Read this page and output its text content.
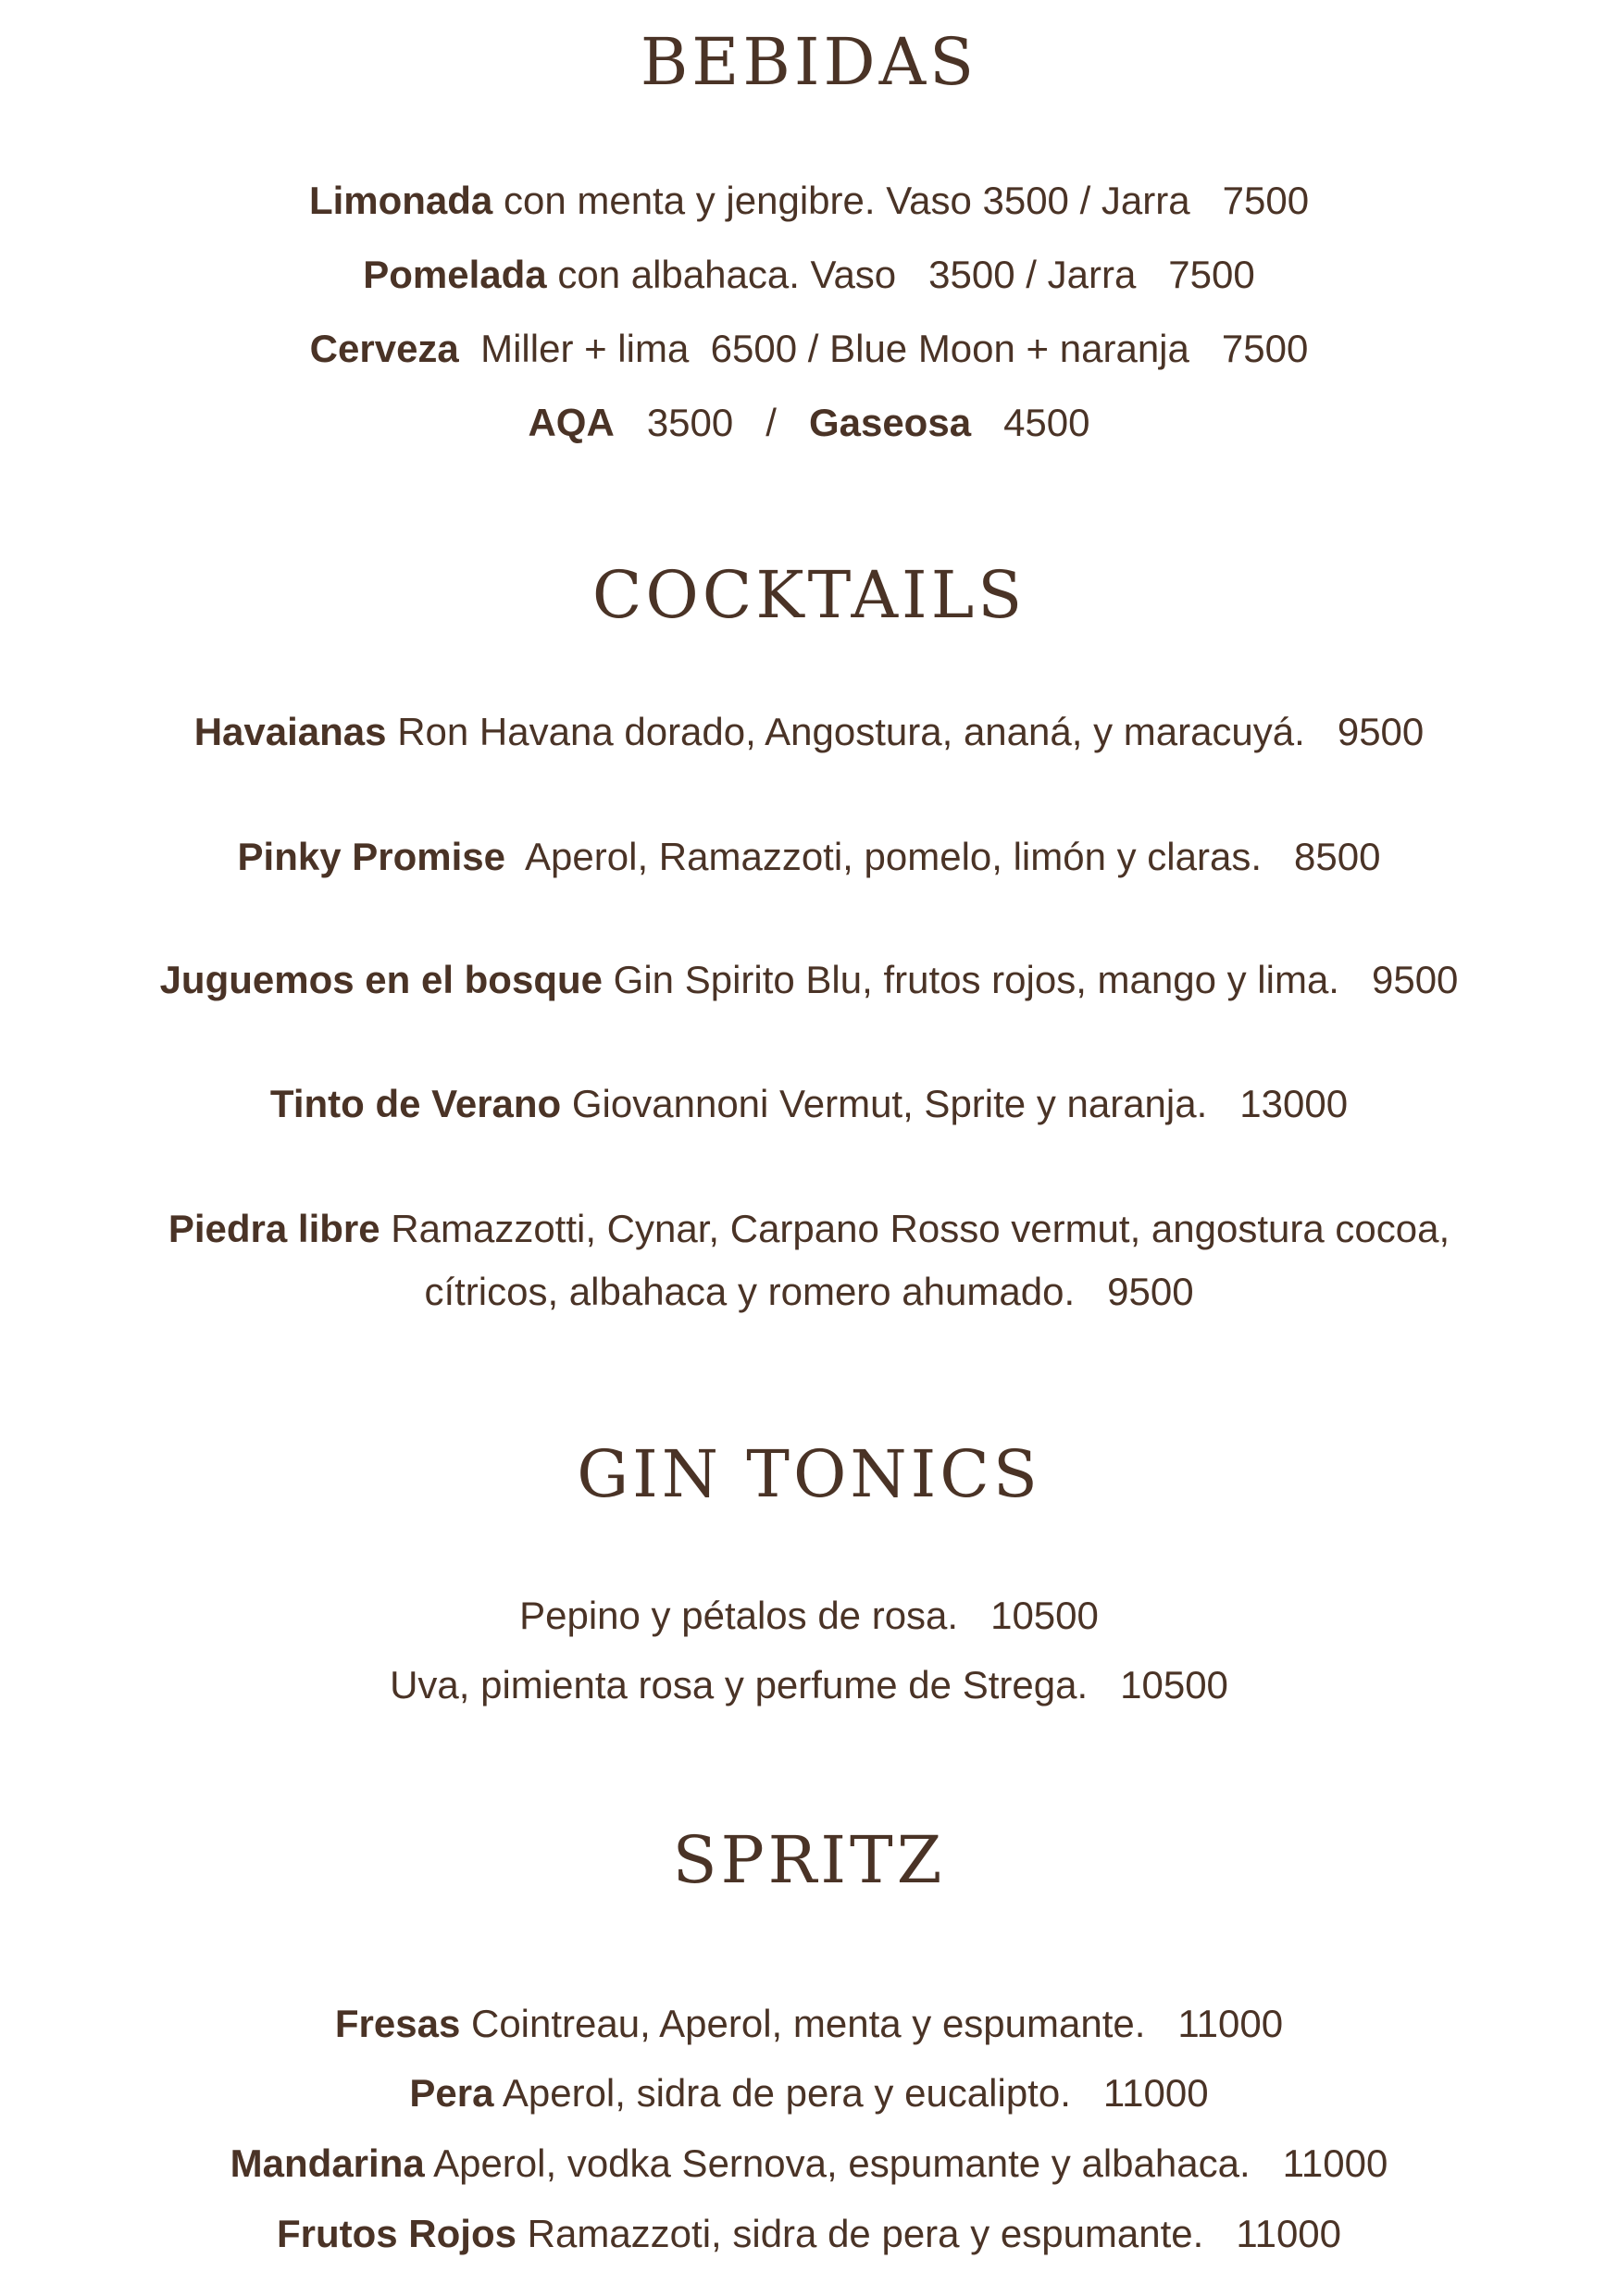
BEBIDAS

Limonada con menta y jengibre. Vaso 3500 / Jarra   7500

Pomelada con albahaca. Vaso   3500 / Jarra   7500

Cerveza  Miller + lima  6500 / Blue Moon + naranja   7500

AQA   3500   /   Gaseosa   4500

COCKTAILS

Havaianas Ron Havana dorado, Angostura, ananá, y maracuyá.   9500

Pinky Promise  Aperol, Ramazzoti, pomelo, limón y claras.   8500

Juguemos en el bosque Gin Spirito Blu, frutos rojos, mango y lima.   9500

Tinto de Verano Giovannoni Vermut, Sprite y naranja.   13000

Piedra libre Ramazzotti, Cynar, Carpano Rosso vermut, angostura cocoa,

cítricos, albahaca y romero ahumado.   9500

GIN TONICS

Pepino y pétalos de rosa.   10500

Uva, pimienta rosa y perfume de Strega.   10500

SPRITZ

Fresas Cointreau, Aperol, menta y espumante.   11000

Pera Aperol, sidra de pera y eucalipto.   11000

Mandarina Aperol, vodka Sernova, espumante y albahaca.   11000

Frutos Rojos Ramazzoti, sidra de pera y espumante.   11000
